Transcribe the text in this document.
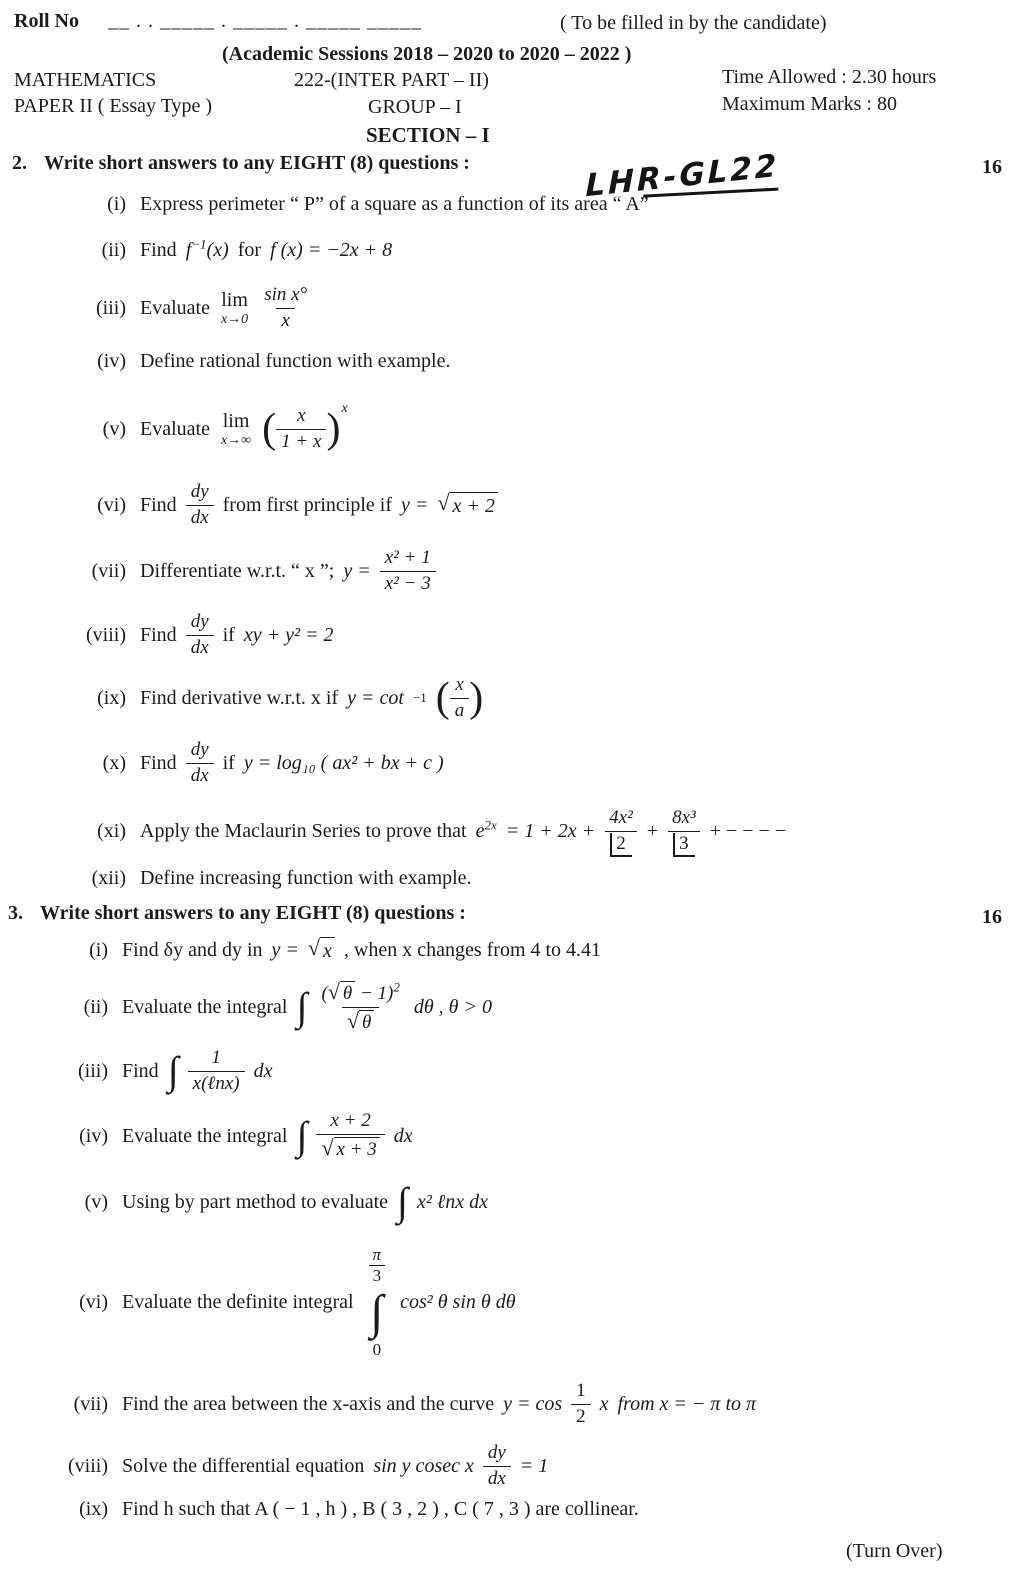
Roll No __ . . _____ . _____ . _____ _____	( To be filled in by the candidate)
(Academic Sessions 2018 – 2020 to 2020 – 2022 )
MATHEMATICS	222-(INTER PART – II)	Time Allowed : 2.30 hours
PAPER II ( Essay Type )	GROUP – I	Maximum Marks : 80
SECTION – I
2. Write short answers to any EIGHT (8) questions :	16
LHR-GL22
(i) Express perimeter “ P” of a square as a function of its area “ A”
(ii) Find $f^{-1}(x)$ for f (x) = −2x + 8
(iii) Evaluate lim
$x\to 0 \frac{\text{sin x°}}{x}$
(iv) Define rational function with example.
(v) Evaluate lim
x→∞ ( $\frac{x}{1 + x}$ ) x
(vi) Find $\frac{dy}{dx}$ from first principle if y = √ x + 2
(vii) Differentiate w.r.t. “ x ”; $y = \frac{\text{x² + 1}}{\text{x² − 3}}$
(viii) Find $\frac{dy}{dx}$ if xy + y² = 2
(ix) Find derivative w.r.t. x if y = cot −1 ( $\frac{x}{a}$ )
(x) Find $\frac{dy}{dx}$ if y = log₁₀ ( ax² + bx + c )
(xi) Apply the Maclaurin Series to prove that $e^{2x} = 1 + 2x + \frac{\text{4x²}}{2} + \frac{\text{8x³}}{3}$ + − − − −
(xii) Define increasing function with example.
3. Write short answers to any EIGHT (8) questions :	16
(i) Find δy and dy in y = √ x , when x changes from 4 to 4.41
(ii) Evaluate the integral ∫ $\frac{( √ \theta - 1)^2}{√ \theta}$ dθ , θ > 0
(iii) Find ∫ $\frac{1}{\text{x(ℓnx)}}$ dx
(iv) Evaluate the integral ∫ $\frac{x + 2}{√ x + 3}$ dx
(v) Using by part method to evaluate ∫ x² ℓnx dx
(vi) Evaluate the definite integral
π
3
∫
0
cos² θ sin θ dθ
(vii) Find the area between the x-axis and the curve $y = \cos \frac{1}{2}$ x from x = − π to π
(viii) Solve the differential equation sin y cosec x $\frac{dy}{dx} = 1$
(ix) Find h such that A ( − 1 , h ) , B ( 3 , 2 ) , C ( 7 , 3 ) are collinear.
(Turn Over)
